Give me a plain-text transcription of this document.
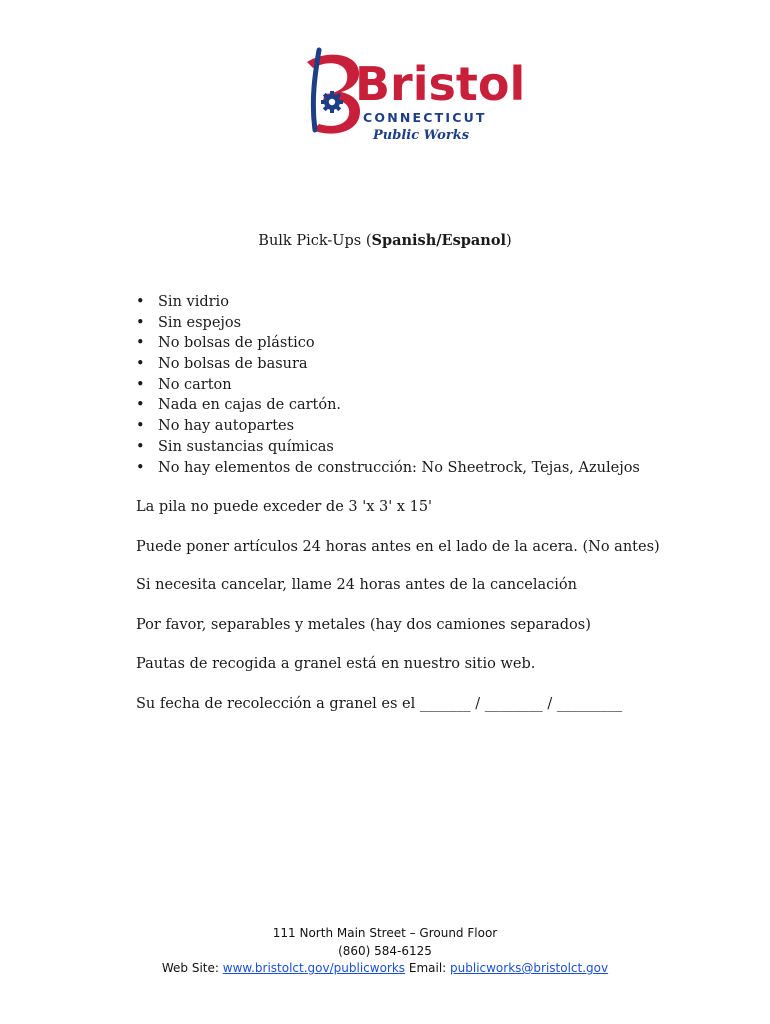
Bristol
CONNECTICUT
Public Works
Bulk Pick-Ups (Spanish/Espanol)
• Sin vidrio
• Sin espejos
• No bolsas de plástico
• No bolsas de basura
• No carton
• Nada en cajas de cartón.
• No hay autopartes
• Sin sustancias químicas
• No hay elementos de construcción: No Sheetrock, Tejas, Azulejos
La pila no puede exceder de 3 'x 3' x 15'
Puede poner artículos 24 horas antes en el lado de la acera. (No antes)
Si necesita cancelar, llame 24 horas antes de la cancelación
Por favor, separables y metales (hay dos camiones separados)
Pautas de recogida a granel está en nuestro sitio web.
Su fecha de recolección a granel es el _______ / ________ / _________
111 North Main Street – Ground Floor
(860) 584-6125
Web Site: www.bristolct.gov/publicworks Email: publicworks@bristolct.gov
